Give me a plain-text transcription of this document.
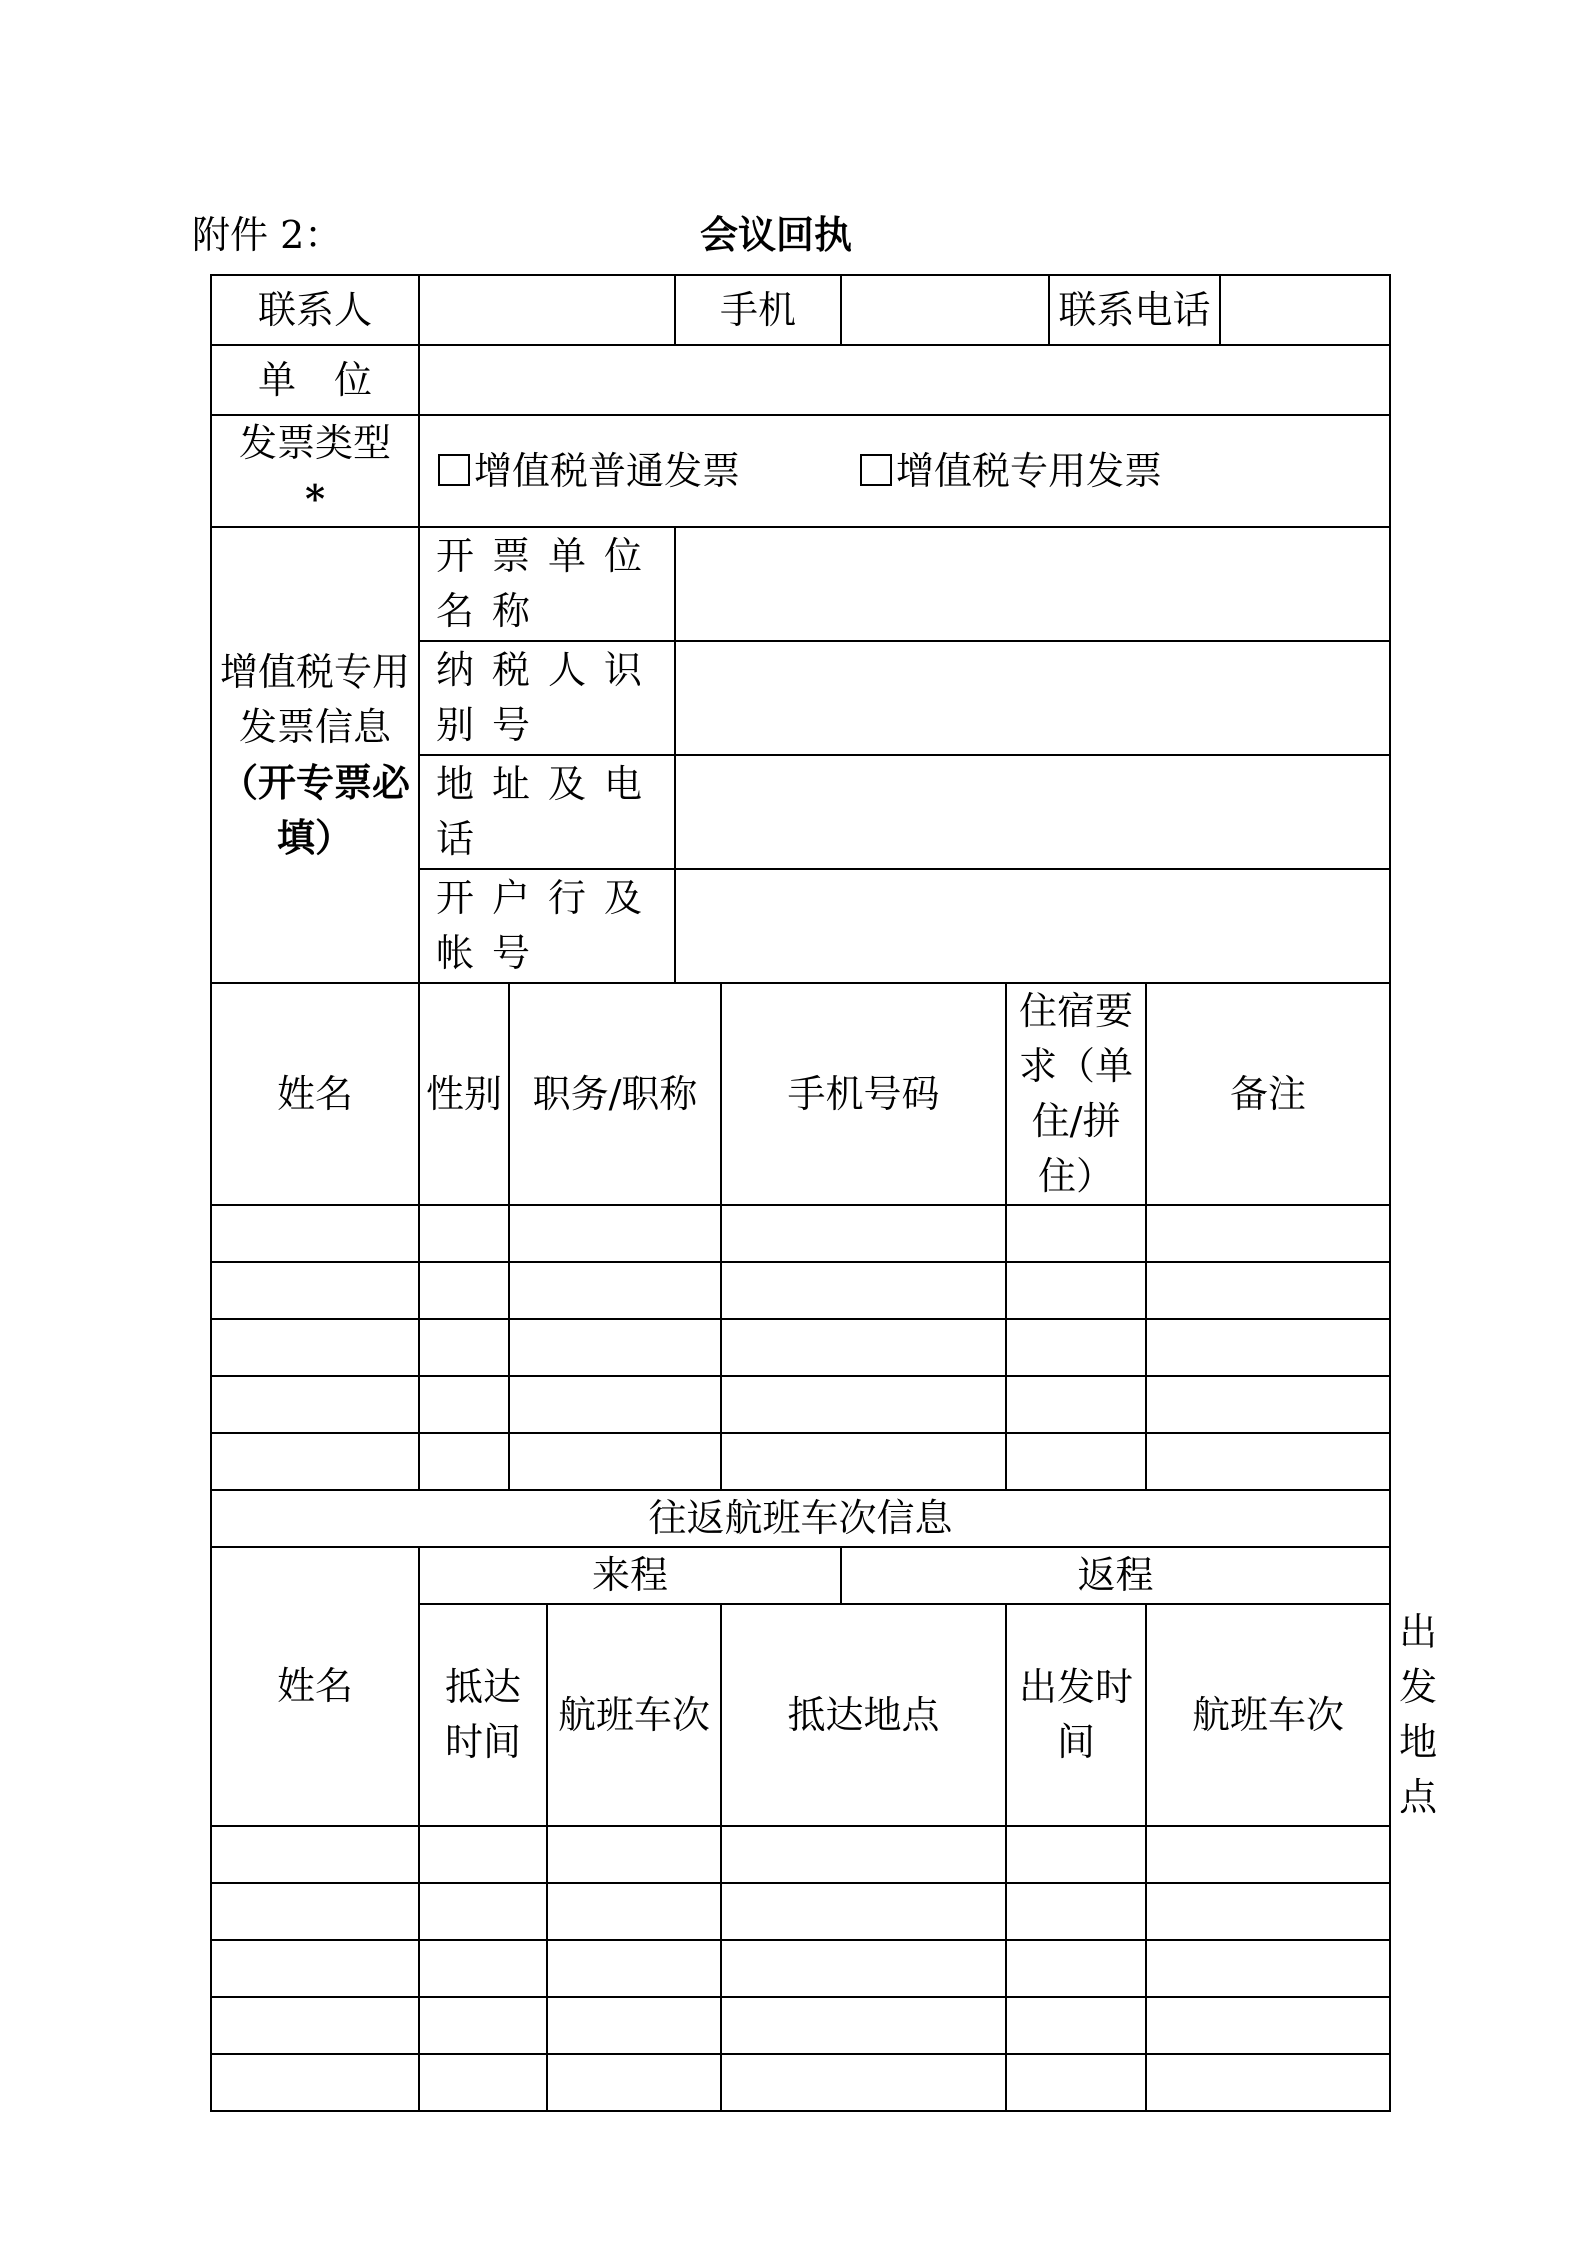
附件 2：	会议回执
联系人				手机				联系电话			
单　位											

发票类型
*	增值税普通发票 增值税专用发票										

增值税专用发票信息
（开专票必填）	开票单位名称										
	纳税人识别号										
	地址及电话										
	开户行及帐号										
姓名	性别	职务/职称			手机号码		住宿要求（单住/拼住）		备注		

往返航班车次信息											
姓名	来程					返程					
	抵达时间		航班车次		抵达地点		出发时间		航班车次		出发地点
